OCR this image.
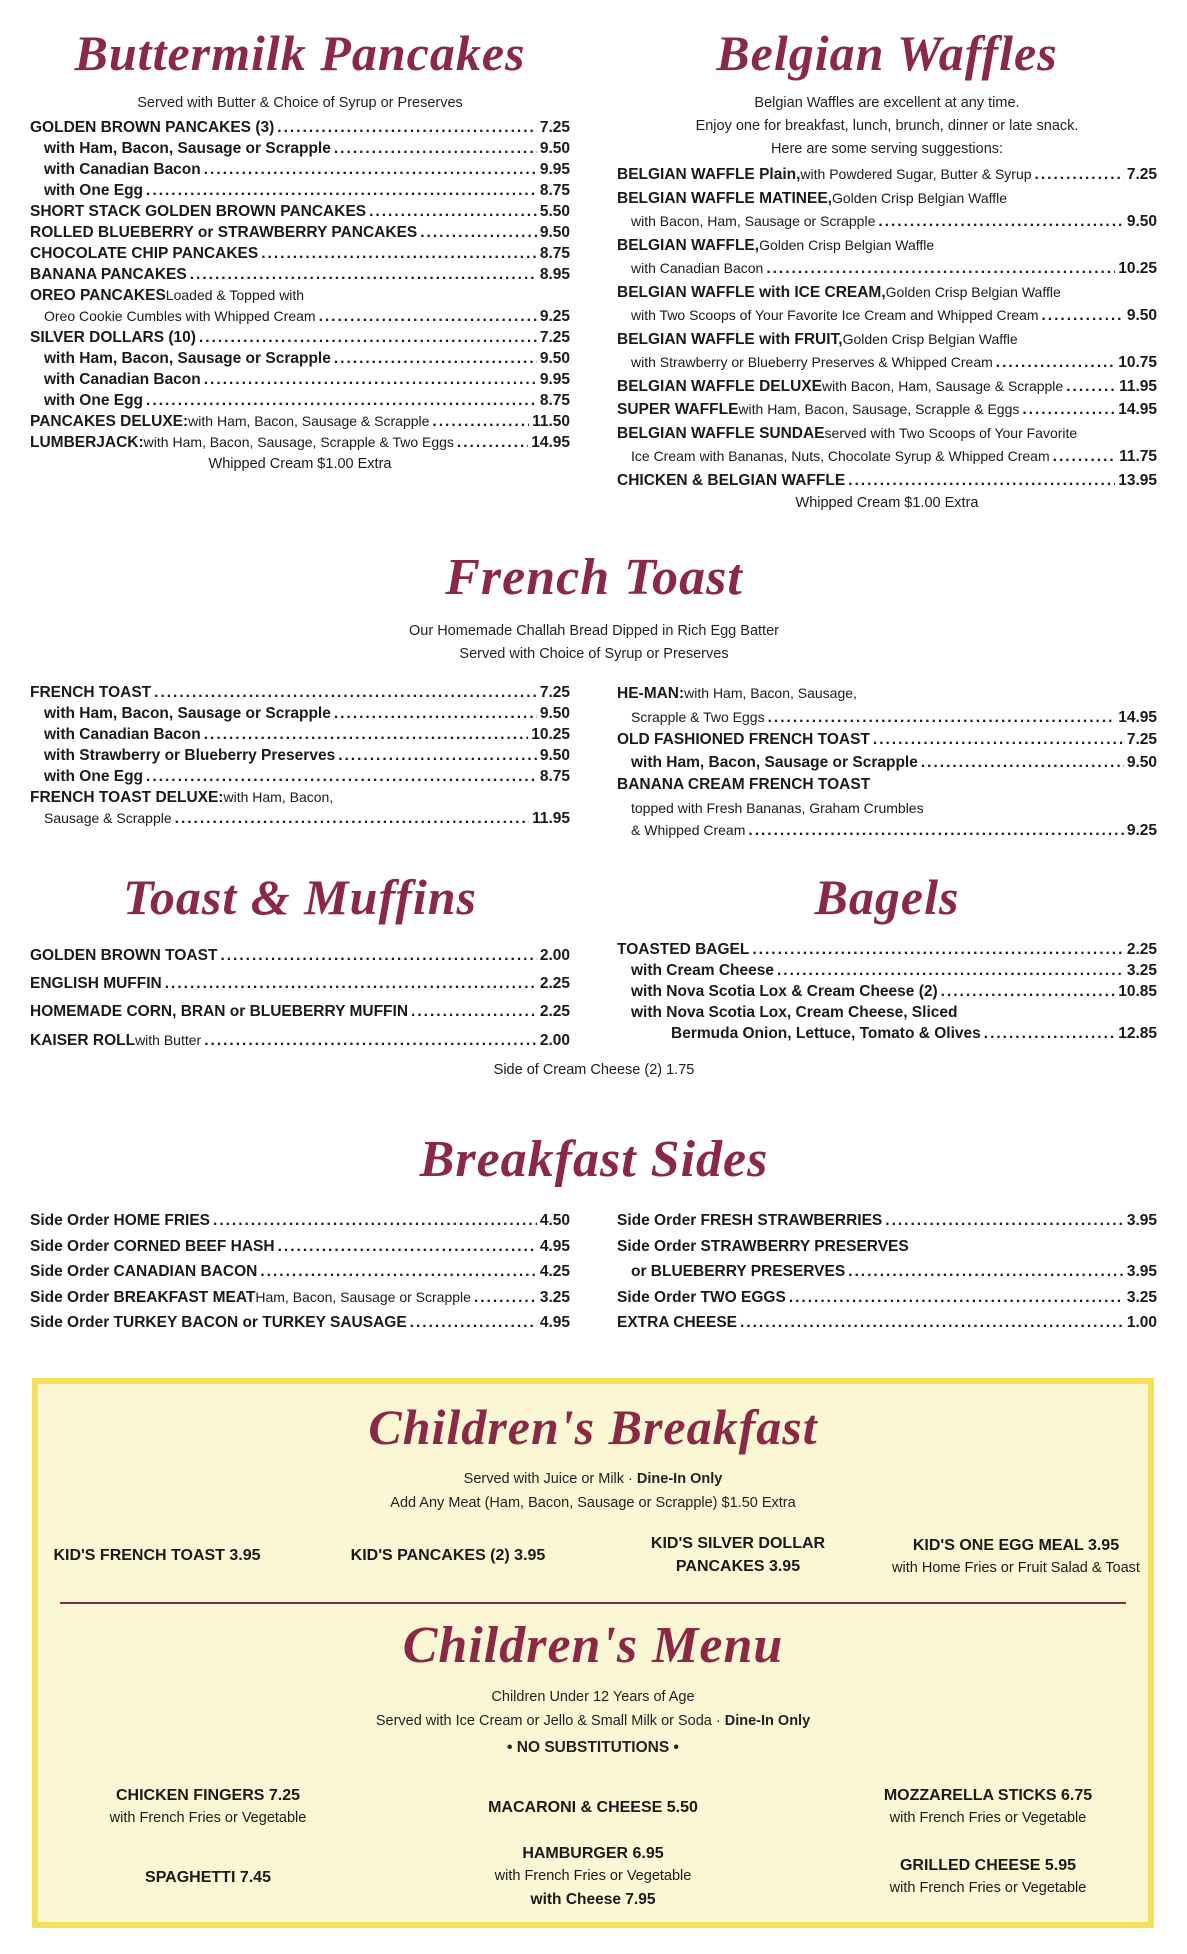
Buttermilk Pancakes
Served with Butter & Choice of Syrup or Preserves
GOLDEN BROWN PANCAKES (3) .....	7.25
with Ham, Bacon, Sausage or Scrapple .....	9.50
with Canadian Bacon .....	9.95
with One Egg .....	8.75
SHORT STACK GOLDEN BROWN PANCAKES .....	5.50
ROLLED BLUEBERRY or STRAWBERRY PANCAKES .....	9.50
CHOCOLATE CHIP PANCAKES .....	8.75
BANANA PANCAKES .....	8.95
OREO PANCAKES Loaded & Topped with
Oreo Cookie Cumbles with Whipped Cream .....	9.25
SILVER DOLLARS (10) .....	7.25
with Ham, Bacon, Sausage or Scrapple .....	9.50
with Canadian Bacon .....	9.95
with One Egg .....	8.75
PANCAKES DELUXE: with Ham, Bacon, Sausage & Scrapple .....	11.50
LUMBERJACK: with Ham, Bacon, Sausage, Scrapple & Two Eggs .....	14.95
Whipped Cream $1.00 Extra
Belgian Waffles
Belgian Waffles are excellent at any time.
Enjoy one for breakfast, lunch, brunch, dinner or late snack.
Here are some serving suggestions:
BELGIAN WAFFLE Plain, with Powdered Sugar, Butter & Syrup .....	7.25
BELGIAN WAFFLE MATINEE, Golden Crisp Belgian Waffle
with Bacon, Ham, Sausage or Scrapple .....	9.50
BELGIAN WAFFLE, Golden Crisp Belgian Waffle
with Canadian Bacon .....	10.25
BELGIAN WAFFLE with ICE CREAM, Golden Crisp Belgian Waffle
with Two Scoops of Your Favorite Ice Cream and Whipped Cream .....	9.50
BELGIAN WAFFLE with FRUIT, Golden Crisp Belgian Waffle
with Strawberry or Blueberry Preserves & Whipped Cream .....	10.75
BELGIAN WAFFLE DELUXE with Bacon, Ham, Sausage & Scrapple .....	11.95
SUPER WAFFLE with Ham, Bacon, Sausage, Scrapple & Eggs .....	14.95
BELGIAN WAFFLE SUNDAE served with Two Scoops of Your Favorite
Ice Cream with Bananas, Nuts, Chocolate Syrup & Whipped Cream .....	11.75
CHICKEN & BELGIAN WAFFLE .....	13.95
Whipped Cream $1.00 Extra
French Toast
Our Homemade Challah Bread Dipped in Rich Egg Batter
Served with Choice of Syrup or Preserves
FRENCH TOAST .....	7.25
with Ham, Bacon, Sausage or Scrapple .....	9.50
with Canadian Bacon .....	10.25
with Strawberry or Blueberry Preserves .....	9.50
with One Egg .....	8.75
FRENCH TOAST DELUXE: with Ham, Bacon,
Sausage & Scrapple .....	11.95
HE-MAN: with Ham, Bacon, Sausage,
Scrapple & Two Eggs .....	14.95
OLD FASHIONED FRENCH TOAST .....	7.25
with Ham, Bacon, Sausage or Scrapple .....	9.50
BANANA CREAM FRENCH TOAST
topped with Fresh Bananas, Graham Crumbles
& Whipped Cream .....	9.25
Toast & Muffins
GOLDEN BROWN TOAST .....	2.00
ENGLISH MUFFIN .....	2.25
HOMEMADE CORN, BRAN or BLUEBERRY MUFFIN .....	2.25
KAISER ROLL with Butter .....	2.00
Bagels
TOASTED BAGEL .....	2.25
with Cream Cheese .....	3.25
with Nova Scotia Lox & Cream Cheese (2) .....	10.85
with Nova Scotia Lox, Cream Cheese, Sliced
Bermuda Onion, Lettuce, Tomato & Olives .....	12.85
Side of Cream Cheese (2) 1.75
Breakfast Sides
Side Order HOME FRIES .....	4.50
Side Order CORNED BEEF HASH .....	4.95
Side Order CANADIAN BACON .....	4.25
Side Order BREAKFAST MEAT Ham, Bacon, Sausage or Scrapple .....	3.25
Side Order TURKEY BACON or TURKEY SAUSAGE .....	4.95
Side Order FRESH STRAWBERRIES .....	3.95
Side Order STRAWBERRY PRESERVES
or BLUEBERRY PRESERVES .....	3.95
Side Order TWO EGGS .....	3.25
EXTRA CHEESE .....	1.00
Children's Breakfast
Served with Juice or Milk · Dine-In Only
Add Any Meat (Ham, Bacon, Sausage or Scrapple) $1.50 Extra
KID'S FRENCH TOAST 3.95	KID'S PANCAKES (2) 3.95
KID'S SILVER DOLLAR
PANCAKES 3.95
KID'S ONE EGG MEAL 3.95
with Home Fries or Fruit Salad & Toast
Children's Menu
Children Under 12 Years of Age
Served with Ice Cream or Jello & Small Milk or Soda · Dine-In Only
• NO SUBSTITUTIONS •
CHICKEN FINGERS 7.25
with French Fries or Vegetable
MACARONI & CHEESE 5.50
MOZZARELLA STICKS 6.75
with French Fries or Vegetable
SPAGHETTI 7.45
HAMBURGER 6.95
with French Fries or Vegetable
with Cheese 7.95
GRILLED CHEESE 5.95
with French Fries or Vegetable
